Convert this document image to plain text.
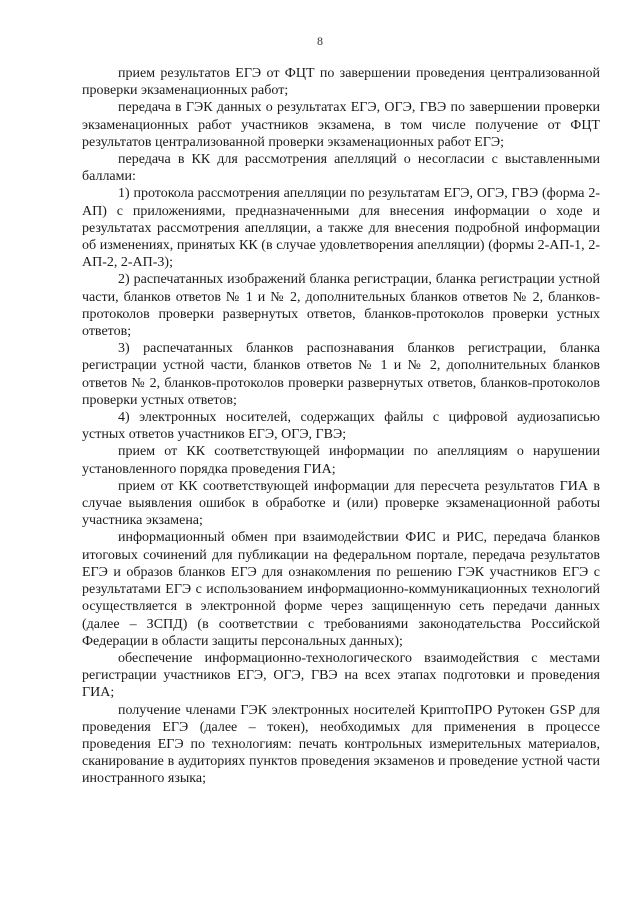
8

прием результатов ЕГЭ от ФЦТ по завершении проведения централизованной проверки экзаменационных работ;

передача в ГЭК данных о результатах ЕГЭ, ОГЭ, ГВЭ по завершении проверки экзаменационных работ участников экзамена, в том числе получение от ФЦТ результатов централизованной проверки экзаменационных работ ЕГЭ;

передача в КК для рассмотрения апелляций о несогласии с выставленными баллами:

1) протокола рассмотрения апелляции по результатам ЕГЭ, ОГЭ, ГВЭ (форма 2-АП) с приложениями, предназначенными для внесения информации о ходе и результатах рассмотрения апелляции, а также для внесения подробной информации об изменениях, принятых КК (в случае удовлетворения апелляции) (формы 2-АП-1, 2-АП-2, 2-АП-3);

2) распечатанных изображений бланка регистрации, бланка регистрации устной части, бланков ответов № 1 и № 2, дополнительных бланков ответов № 2, бланков-протоколов проверки развернутых ответов, бланков-протоколов проверки устных ответов;

3) распечатанных бланков распознавания бланков регистрации, бланка регистрации устной части, бланков ответов № 1 и № 2, дополнительных бланков ответов № 2, бланков-протоколов проверки развернутых ответов, бланков-протоколов проверки устных ответов;

4) электронных носителей, содержащих файлы с цифровой аудиозаписью устных ответов участников ЕГЭ, ОГЭ, ГВЭ;

прием от КК соответствующей информации по апелляциям о нарушении установленного порядка проведения ГИА;

прием от КК соответствующей информации для пересчета результатов ГИА в случае выявления ошибок в обработке и (или) проверке экзаменационной работы участника экзамена;

информационный обмен при взаимодействии ФИС и РИС, передача бланков итоговых сочинений для публикации на федеральном портале, передача результатов ЕГЭ и образов бланков ЕГЭ для ознакомления по решению ГЭК участников ЕГЭ с результатами ЕГЭ с использованием информационно-коммуникационных технологий осуществляется в электронной форме через защищенную сеть передачи данных (далее – ЗСПД) (в соответствии с требованиями законодательства Российской Федерации в области защиты персональных данных);

обеспечение информационно-технологического взаимодействия с местами регистрации участников ЕГЭ, ОГЭ, ГВЭ на всех этапах подготовки и проведения ГИА;

получение членами ГЭК электронных носителей КриптоПРО Рутокен GSP для проведения ЕГЭ (далее – токен), необходимых для применения в процессе проведения ЕГЭ по технологиям: печать контрольных измерительных материалов, сканирование в аудиториях пунктов проведения экзаменов и проведение устной части иностранного языка;
